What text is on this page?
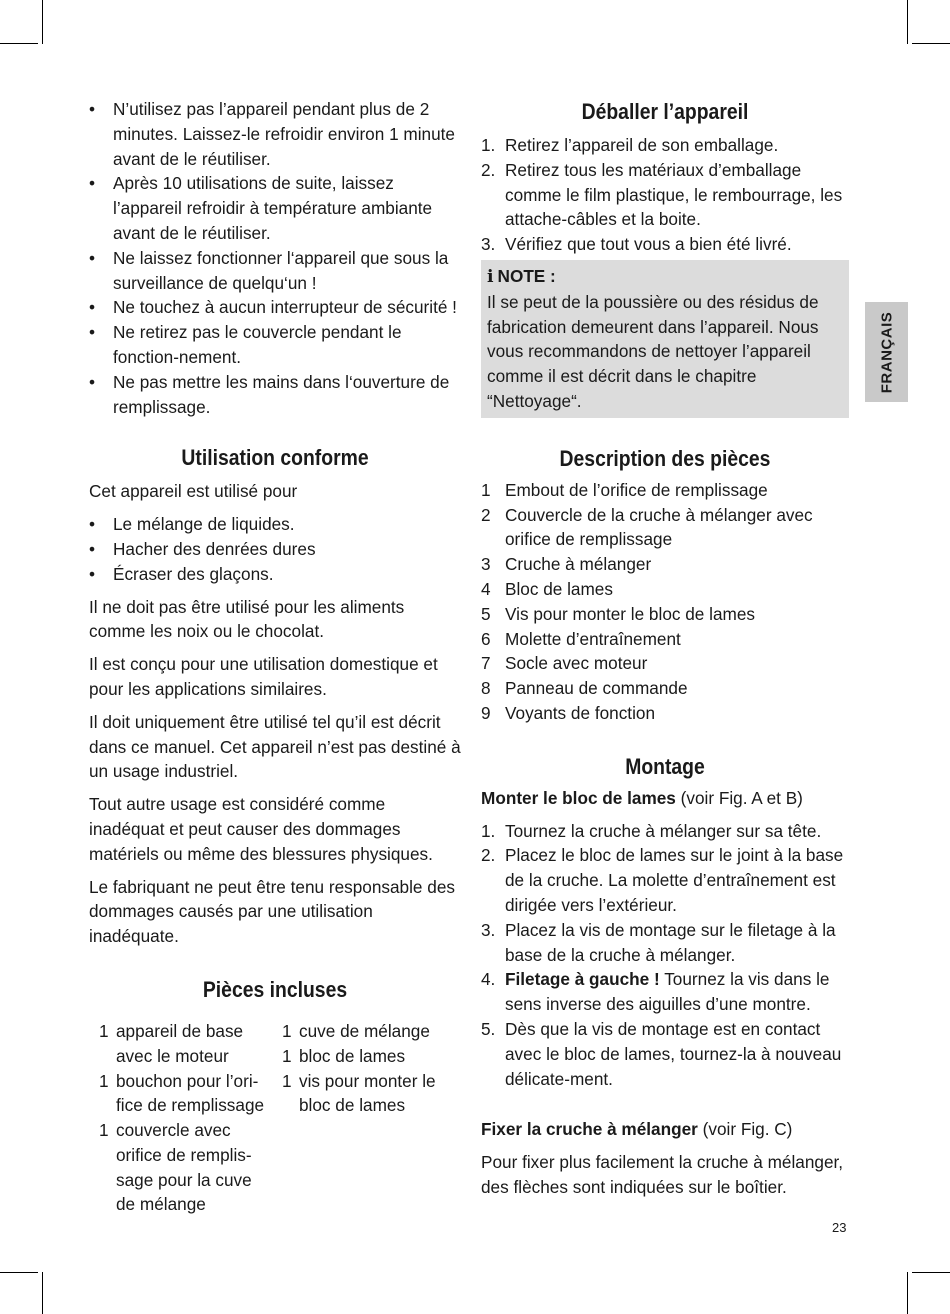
• N’utilisez pas l’appareil pendant plus de 2 minutes. Laissez-le refroidir environ 1 minute avant de le réutiliser.
• Après 10 utilisations de suite, laissez l’appareil refroidir à température ambiante avant de le réutiliser.
• Ne laissez fonctionner l‘appareil que sous la surveillance de quelqu‘un !
• Ne touchez à aucun interrupteur de sécurité !
• Ne retirez pas le couvercle pendant le fonction-nement.
• Ne pas mettre les mains dans l‘ouverture de remplissage.
Utilisation conforme

Cet appareil est utilisé pour

• Le mélange de liquides.
• Hacher des denrées dures
• Écraser des glaçons.

Il ne doit pas être utilisé pour les aliments comme les noix ou le chocolat.

Il est conçu pour une utilisation domestique et pour les applications similaires.

Il doit uniquement être utilisé tel qu’il est décrit dans ce manuel. Cet appareil n’est pas destiné à un usage industriel.

Tout autre usage est considéré comme inadéquat et peut causer des dommages matériels ou même des blessures physiques.

Le fabriquant ne peut être tenu responsable des dommages causés par une utilisation inadéquate.

Pièces incluses
1 appareil de base avec le moteur
1 bouchon pour l’ori-fice de remplissage
1 couvercle avec orifice de remplis-sage pour la cuve de mélange
1 cuve de mélange
1 bloc de lames
1 vis pour monter le bloc de lames
Déballer l’appareil
1. Retirez l’appareil de son emballage.
2. Retirez tous les matériaux d’emballage comme le film plastique, le rembourrage, les attache-câbles et la boite.
3. Vérifiez que tout vous a bien été livré.
i NOTE :

Il se peut de la poussière ou des résidus de fabrication demeurent dans l’appareil. Nous vous recommandons de nettoyer l’appareil comme il est décrit dans le chapitre “Nettoyage“.

Description des pièces
1 Embout de l’orifice de remplissage
2 Couvercle de la cruche à mélanger avec orifice de remplissage
3 Cruche à mélanger
4 Bloc de lames
5 Vis pour monter le bloc de lames
6 Molette d’entraînement
7 Socle avec moteur
8 Panneau de commande
9 Voyants de fonction
Montage

Monter le bloc de lames (voir Fig. A et B)

1. Tournez la cruche à mélanger sur sa tête.
2. Placez le bloc de lames sur le joint à la base de la cruche. La molette d’entraînement est dirigée vers l’extérieur.
3. Placez la vis de montage sur le filetage à la base de la cruche à mélanger.
4. Filetage à gauche ! Tournez la vis dans le sens inverse des aiguilles d’une montre.
5. Dès que la vis de montage est en contact avec le bloc de lames, tournez-la à nouveau délicate-ment.

Fixer la cruche à mélanger (voir Fig. C)

Pour fixer plus facilement la cruche à mélanger, des flèches sont indiquées sur le boîtier.

FRANÇAIS
23
